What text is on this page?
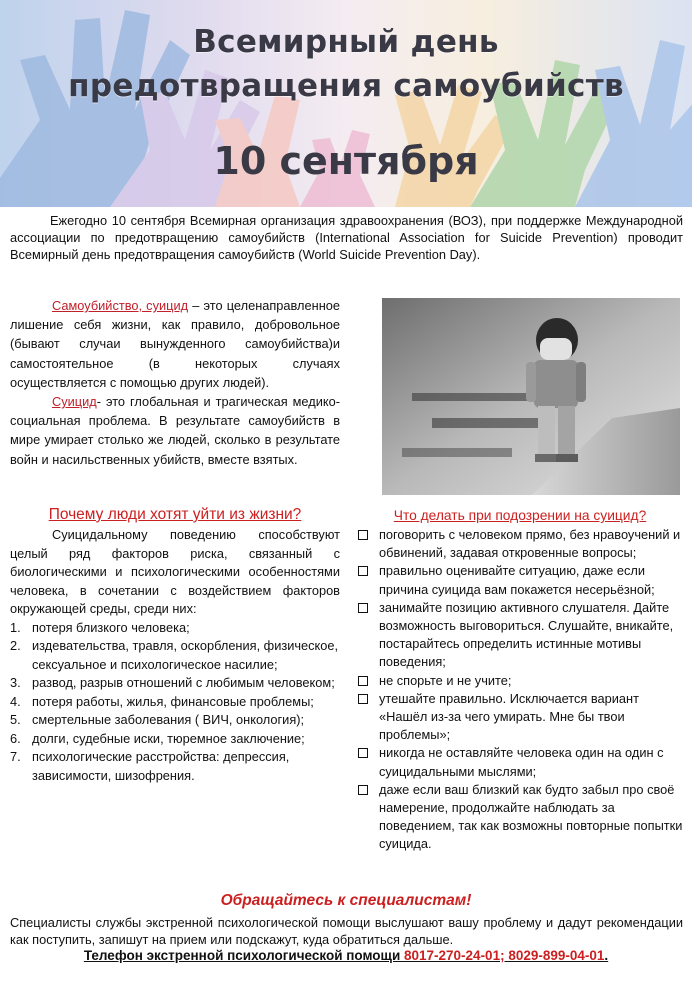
Всемирный день
предотвращения самоубийств
10 сентября
Ежегодно 10 сентября Всемирная организация здравоохранения (ВОЗ), при поддержке Международной ассоциации по предотвращению самоубийств (International Association for Suicide Prevention) проводит Всемирный день предотвращения самоубийств (World Suicide Prevention Day).

Самоубийство, суицид – это целенаправленное лишение себя жизни, как правило, добровольное (бывают случаи вынужденного самоубийства)и самостоятельное (в некоторых случаях осуществляется с помощью других людей).

Суицид- это глобальная и трагическая медико-социальная проблема. В результате самоубийств в мире умирает столько же людей, сколько в результате войн и насильственных убийств, вместе взятых.

Почему люди хотят уйти из жизни?	Что делать при подозрении на суицид?

Суицидальному поведению способствуют целый ряд факторов риска, связанный с биологическими и психологическими особенностями человека, в сочетании с воздействием факторов окружающей среды, среди них:

1. потеря близкого человека;
2. издевательства, травля, оскорбления, физическое, сексуальное и психологическое насилие;
3. развод, разрыв отношений с любимым человеком;
4. потеря работы, жилья, финансовые проблемы;
5. смертельные заболевания ( ВИЧ, онкология);
6. долги, судебные иски, тюремное заключение;
7. психологические расстройства: депрессия, зависимости, шизофрения.
поговорить с человеком прямо, без нравоучений и обвинений, задавая откровенные вопросы;
правильно оценивайте ситуацию, даже если причина суицида вам покажется несерьёзной;
занимайте позицию активного слушателя. Дайте возможность выговориться. Слушайте, вникайте, постарайтесь определить истинные мотивы поведения;
не спорьте и не учите;
утешайте правильно. Исключается вариант «Нашёл из-за чего умирать. Мне бы твои проблемы»;
никогда не оставляйте человека один на один с суицидальными мыслями;
даже если ваш близкий как будто забыл про своё намерение, продолжайте наблюдать за поведением, так как возможны повторные попытки суицида.
Обращайтесь к специалистам!
Специалисты службы экстренной психологической помощи выслушают вашу проблему и дадут рекомендации как поступить, запишут на прием или подскажут, куда обратиться дальше.
Телефон экстренной психологической помощи 8017-270-24-01; 8029-899-04-01.
